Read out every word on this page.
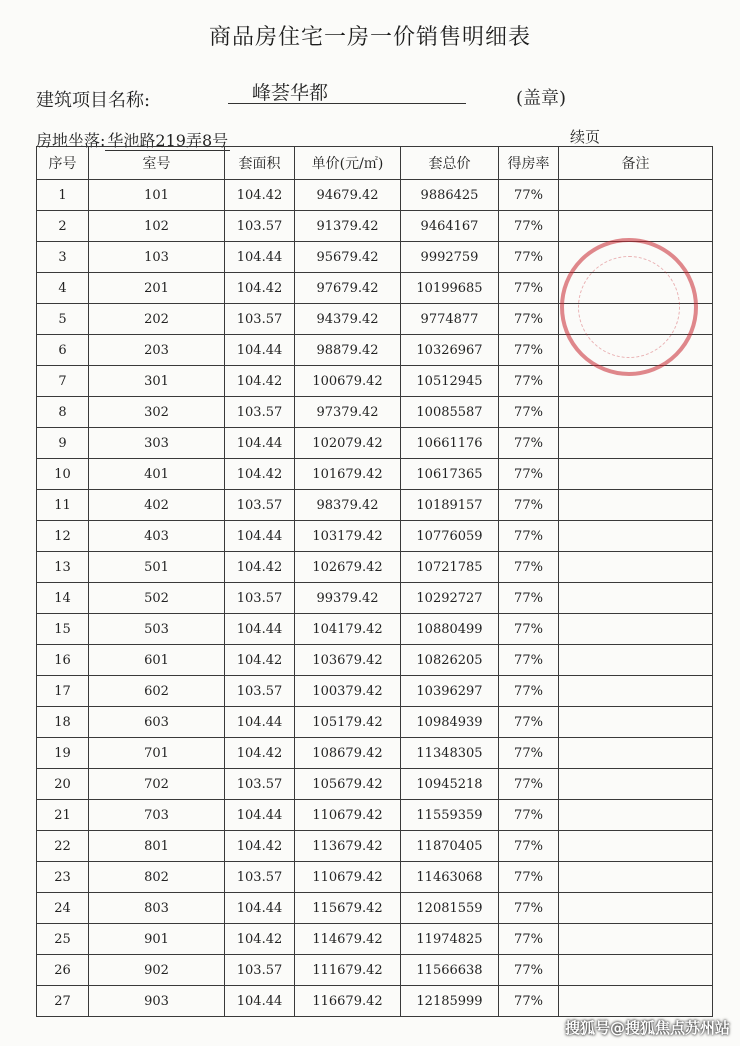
商品房住宅一房一价销售明细表
建筑项目名称:	峰荟华都	(盖章)
房地坐落: 华池路219弄8号	续页
序号	室号	套面积	单价(元/㎡)	套总价	得房率	备注
1	101	104.42	94679.42	9886425	77%	
2	102	103.57	91379.42	9464167	77%	
3	103	104.44	95679.42	9992759	77%	
4	201	104.42	97679.42	10199685	77%	
5	202	103.57	94379.42	9774877	77%	
6	203	104.44	98879.42	10326967	77%	
7	301	104.42	100679.42	10512945	77%	
8	302	103.57	97379.42	10085587	77%	
9	303	104.44	102079.42	10661176	77%	
10	401	104.42	101679.42	10617365	77%	
11	402	103.57	98379.42	10189157	77%	
12	403	104.44	103179.42	10776059	77%	
13	501	104.42	102679.42	10721785	77%	
14	502	103.57	99379.42	10292727	77%	
15	503	104.44	104179.42	10880499	77%	
16	601	104.42	103679.42	10826205	77%	
17	602	103.57	100379.42	10396297	77%	
18	603	104.44	105179.42	10984939	77%	
19	701	104.42	108679.42	11348305	77%	
20	702	103.57	105679.42	10945218	77%	
21	703	104.44	110679.42	11559359	77%	
22	801	104.42	113679.42	11870405	77%	
23	802	103.57	110679.42	11463068	77%	
24	803	104.44	115679.42	12081559	77%	
25	901	104.42	114679.42	11974825	77%	
26	902	103.57	111679.42	11566638	77%	
27	903	104.44	116679.42	12185999	77%	
搜狐号@搜狐焦点苏州站
